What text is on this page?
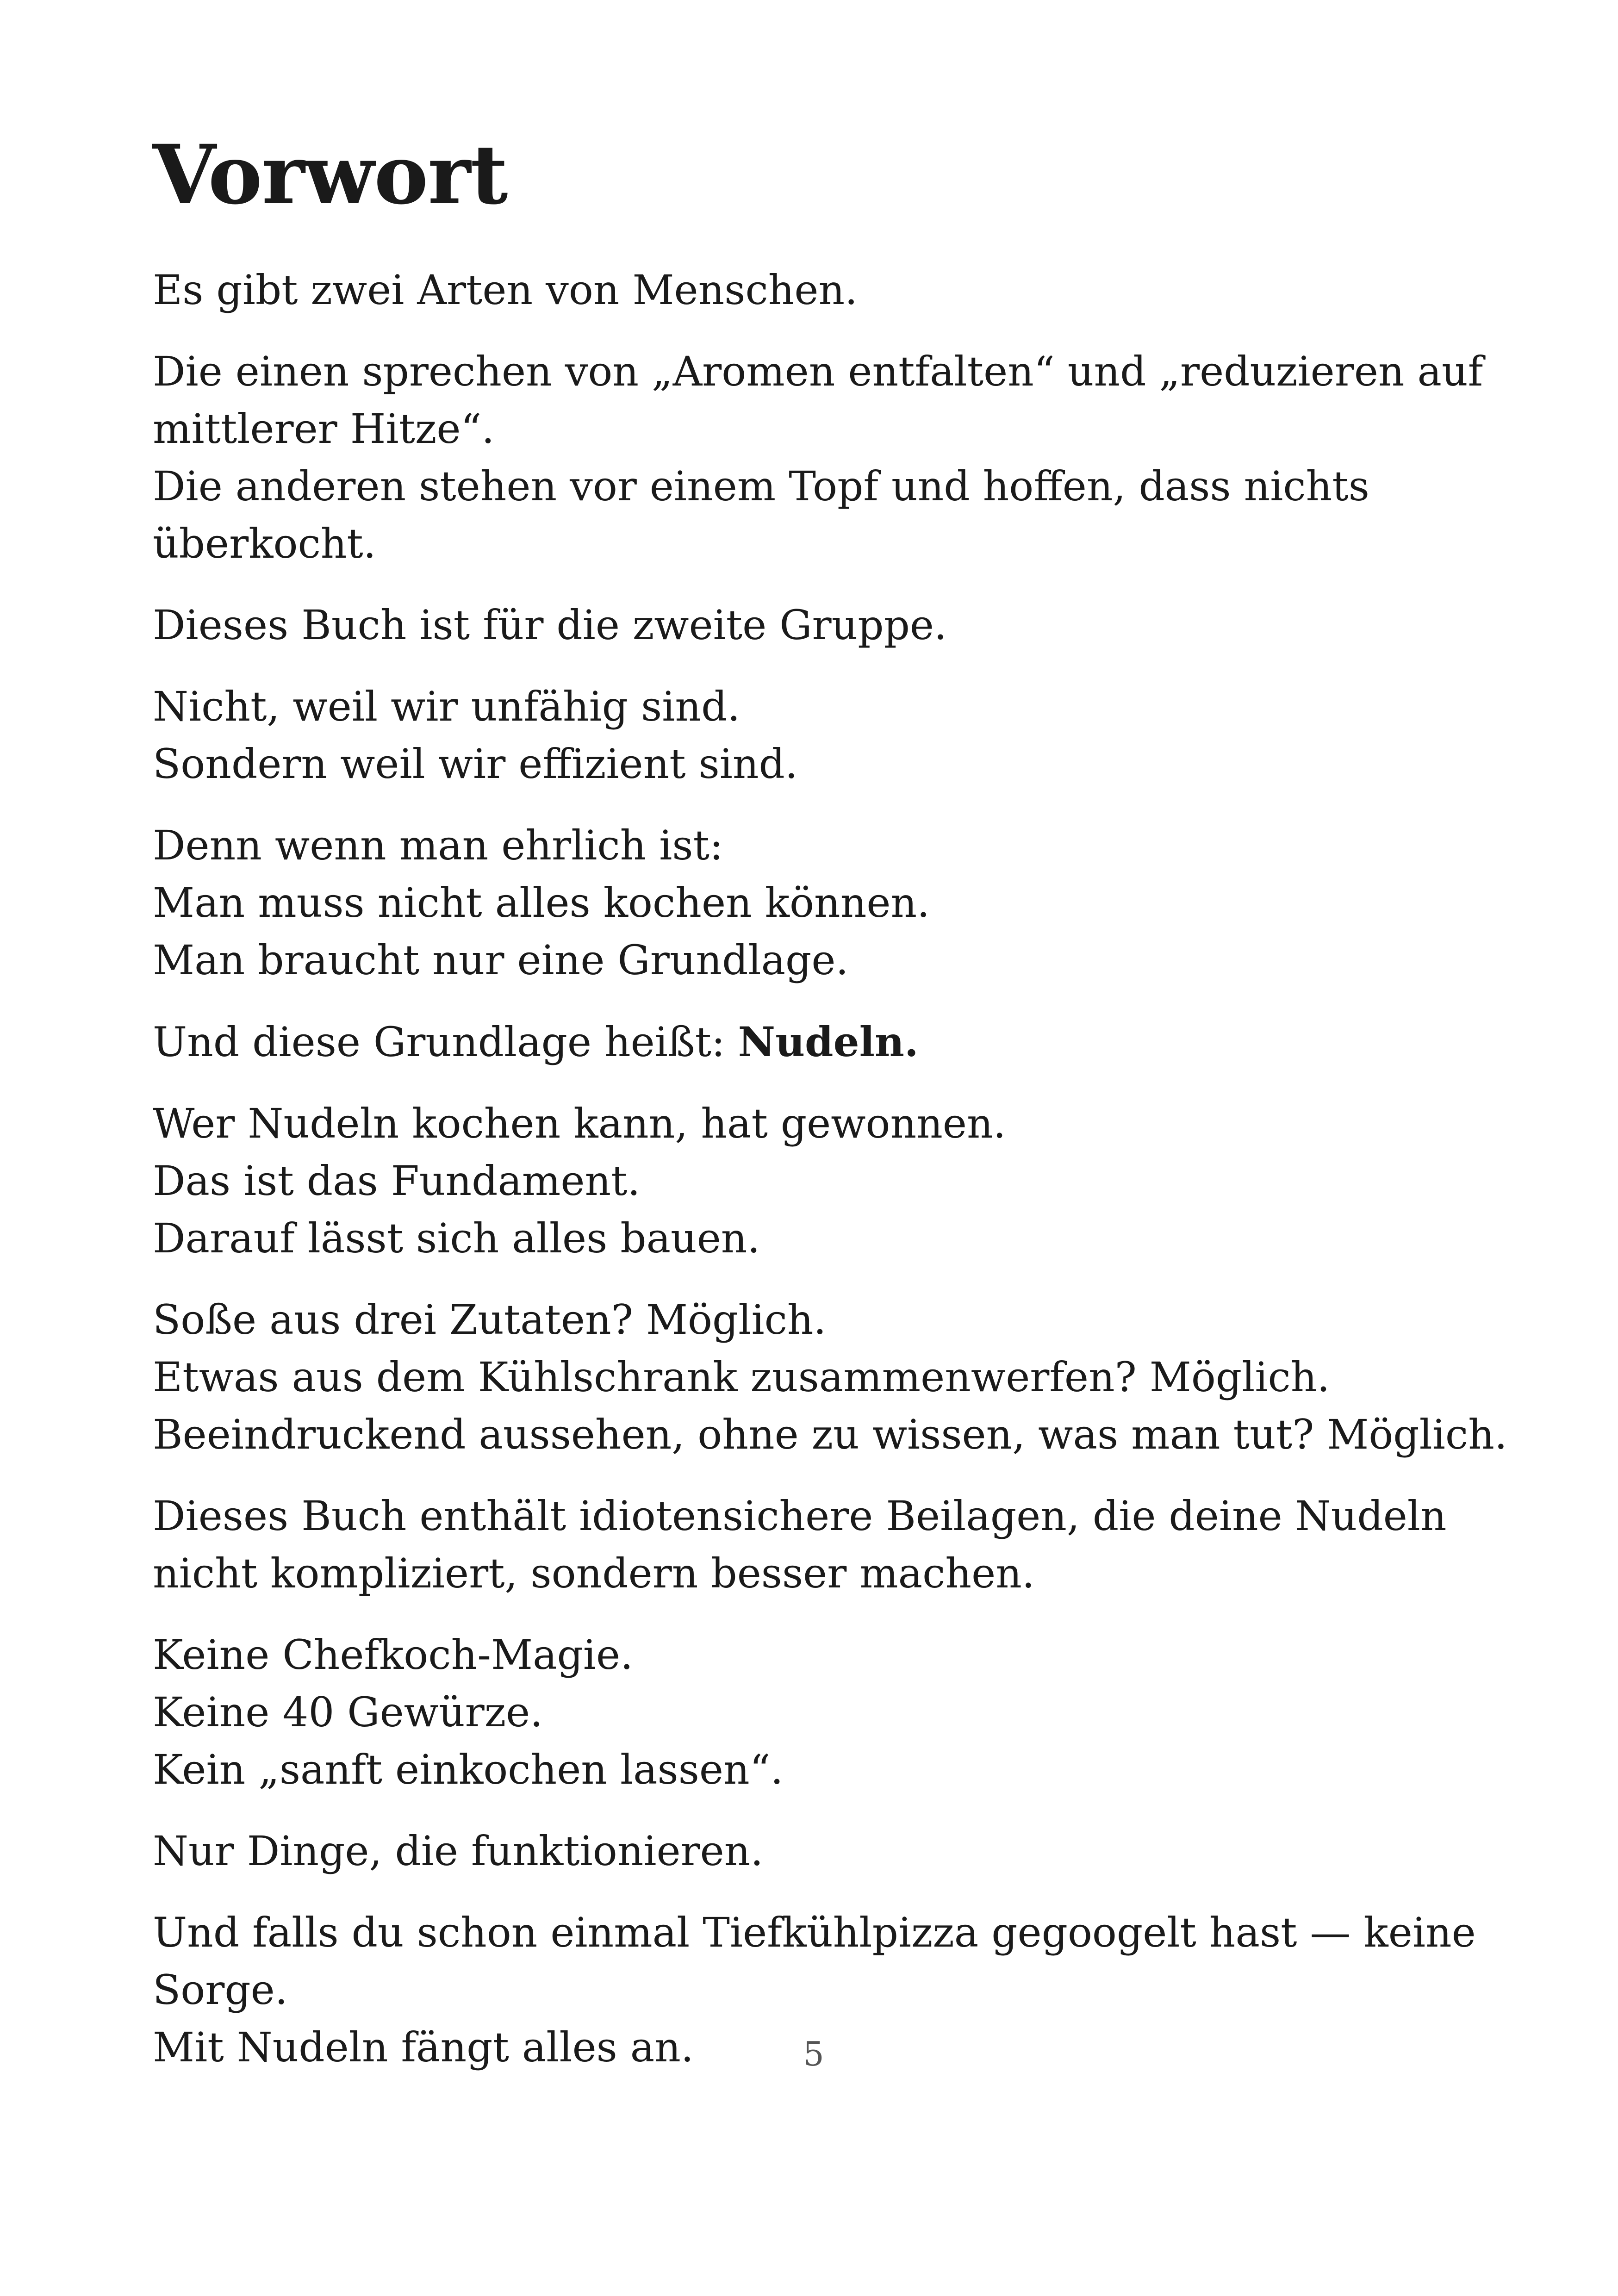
Vorwort

Es gibt zwei Arten von Menschen.

Die einen sprechen von „Aromen entfalten“ und „reduzieren auf
mittlerer Hitze“.
Die anderen stehen vor einem Topf und hoffen, dass nichts
überkocht.

Dieses Buch ist für die zweite Gruppe.

Nicht, weil wir unfähig sind.
Sondern weil wir effizient sind.

Denn wenn man ehrlich ist:
Man muss nicht alles kochen können.
Man braucht nur eine Grundlage.

Und diese Grundlage heißt: Nudeln.

Wer Nudeln kochen kann, hat gewonnen.
Das ist das Fundament.
Darauf lässt sich alles bauen.

Soße aus drei Zutaten? Möglich.
Etwas aus dem Kühlschrank zusammenwerfen? Möglich.
Beeindruckend aussehen, ohne zu wissen, was man tut? Möglich.

Dieses Buch enthält idiotensichere Beilagen, die deine Nudeln
nicht kompliziert, sondern besser machen.

Keine Chefkoch-Magie.
Keine 40 Gewürze.
Kein „sanft einkochen lassen“.

Nur Dinge, die funktionieren.

Und falls du schon einmal Tiefkühlpizza gegoogelt hast — keine
Sorge.
Mit Nudeln fängt alles an.	5
